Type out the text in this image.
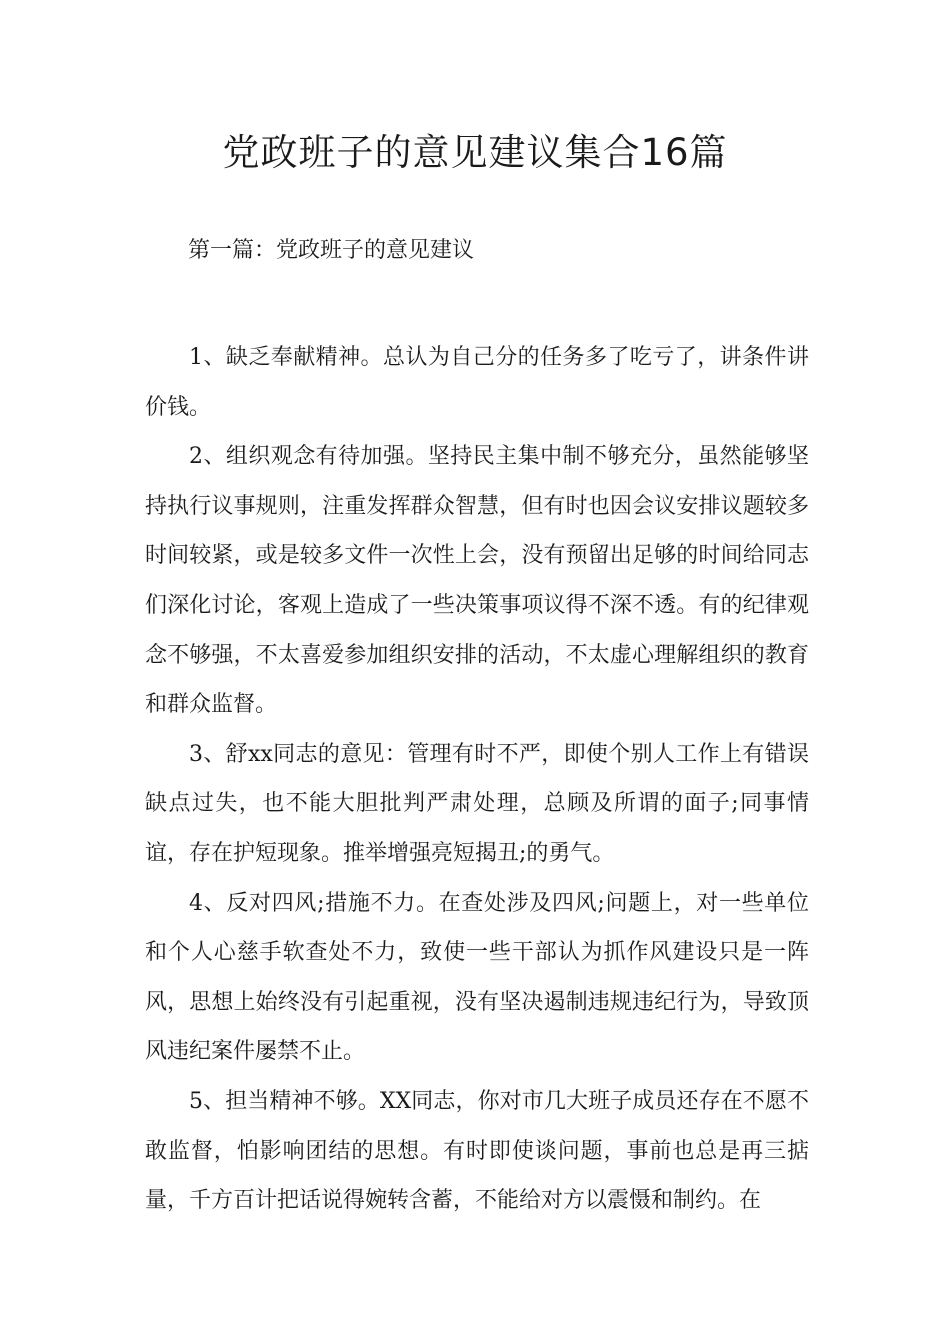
党政班子的意见建议集合16篇
第一篇：党政班子的意见建议

1、缺乏奉献精神。总认为自己分的任务多了吃亏了，讲条件讲价钱。

2、组织观念有待加强。坚持民主集中制不够充分，虽然能够坚持执行议事规则，注重发挥群众智慧，但有时也因会议安排议题较多时间较紧，或是较多文件一次性上会，没有预留出足够的时间给同志们深化讨论，客观上造成了一些决策事项议得不深不透。有的纪律观念不够强，不太喜爱参加组织安排的活动，不太虚心理解组织的教育和群众监督。

3、舒xx同志的意见：管理有时不严，即使个别人工作上有错误缺点过失，也不能大胆批判严肃处理，总顾及所谓的面子;同事情谊，存在护短现象。推举增强亮短揭丑;的勇气。

4、反对四风;措施不力。在查处涉及四风;问题上，对一些单位和个人心慈手软查处不力，致使一些干部认为抓作风建设只是一阵风，思想上始终没有引起重视，没有坚决遏制违规违纪行为，导致顶风违纪案件屡禁不止。

5、担当精神不够。XX同志，你对市几大班子成员还存在不愿不敢监督，怕影响团结的思想。有时即使谈问题，事前也总是再三掂量，千方百计把话说得婉转含蓄，不能给对方以震慑和制约。在
